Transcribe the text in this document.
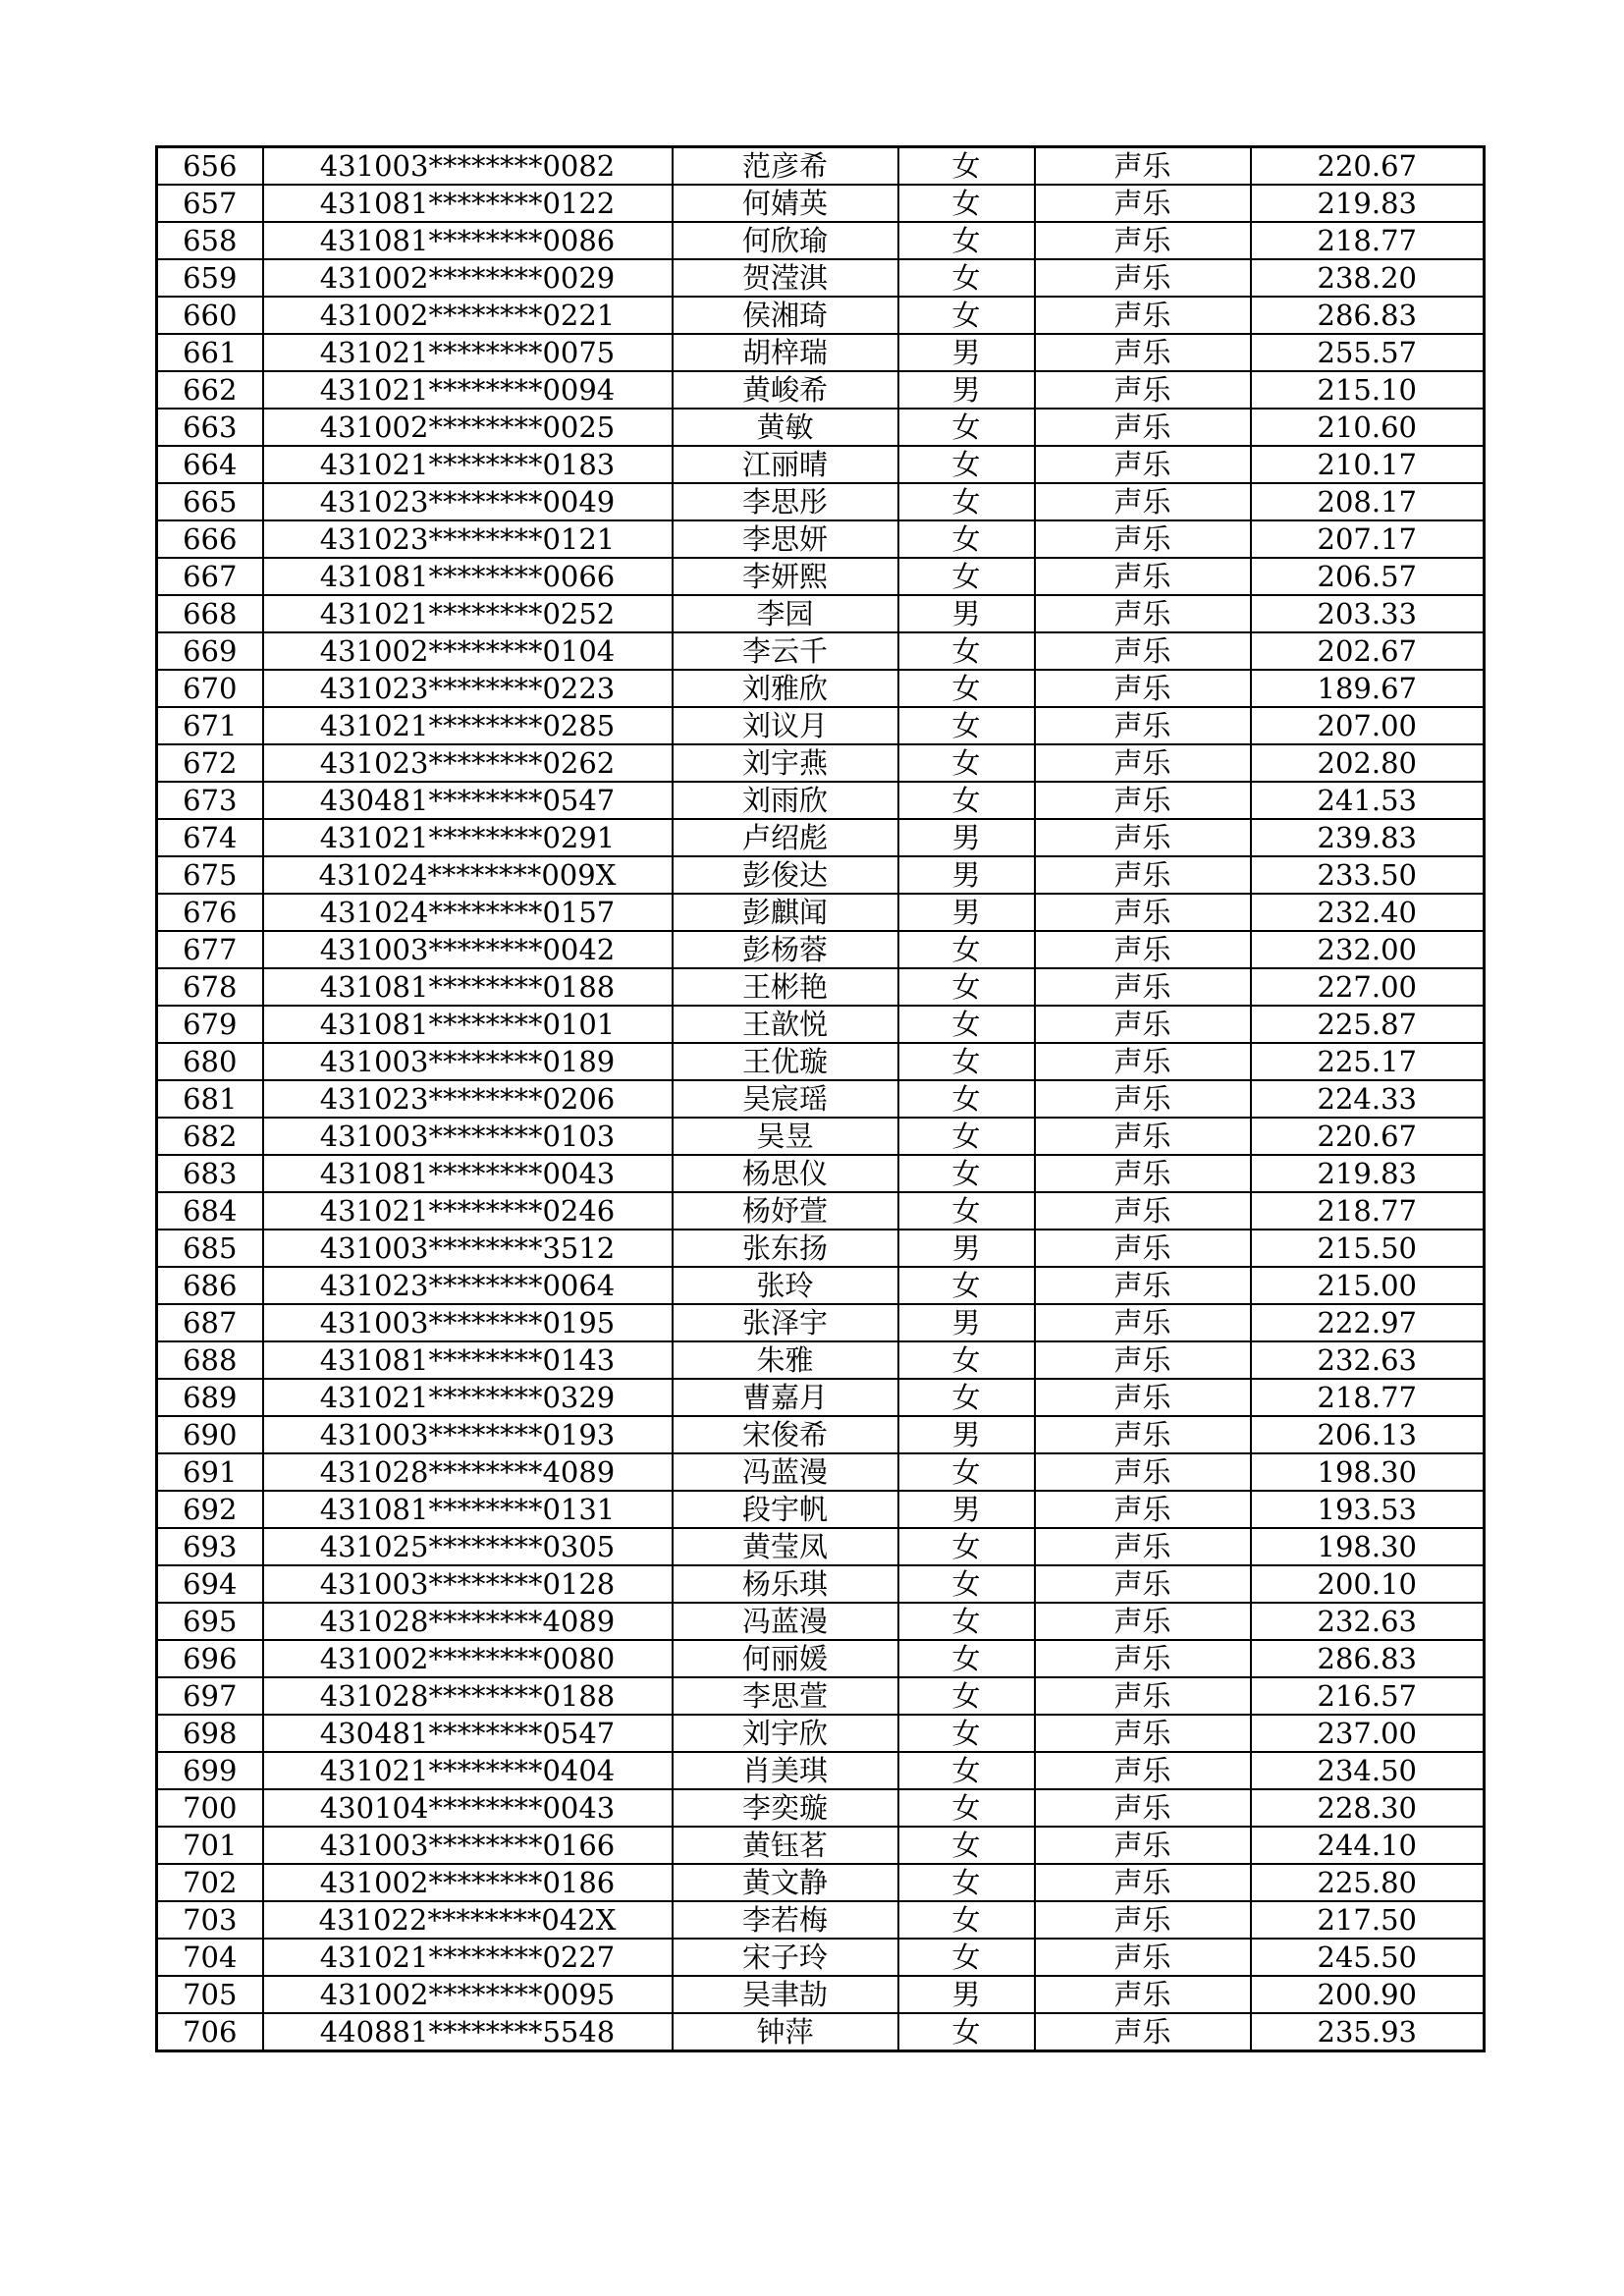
656	431003********0082	范彦希	女	声乐	220.67
657	431081********0122	何婧英	女	声乐	219.83
658	431081********0086	何欣瑜	女	声乐	218.77
659	431002********0029	贺滢淇	女	声乐	238.20
660	431002********0221	侯湘琦	女	声乐	286.83
661	431021********0075	胡梓瑞	男	声乐	255.57
662	431021********0094	黄峻希	男	声乐	215.10
663	431002********0025	黄敏	女	声乐	210.60
664	431021********0183	江丽晴	女	声乐	210.17
665	431023********0049	李思彤	女	声乐	208.17
666	431023********0121	李思妍	女	声乐	207.17
667	431081********0066	李妍熙	女	声乐	206.57
668	431021********0252	李园	男	声乐	203.33
669	431002********0104	李云千	女	声乐	202.67
670	431023********0223	刘雅欣	女	声乐	189.67
671	431021********0285	刘议月	女	声乐	207.00
672	431023********0262	刘宇燕	女	声乐	202.80
673	430481********0547	刘雨欣	女	声乐	241.53
674	431021********0291	卢绍彪	男	声乐	239.83
675	431024********009X	彭俊达	男	声乐	233.50
676	431024********0157	彭麒闻	男	声乐	232.40
677	431003********0042	彭杨蓉	女	声乐	232.00
678	431081********0188	王彬艳	女	声乐	227.00
679	431081********0101	王歆悦	女	声乐	225.87
680	431003********0189	王优璇	女	声乐	225.17
681	431023********0206	吴宸瑶	女	声乐	224.33
682	431003********0103	吴昱	女	声乐	220.67
683	431081********0043	杨思仪	女	声乐	219.83
684	431021********0246	杨妤萱	女	声乐	218.77
685	431003********3512	张东扬	男	声乐	215.50
686	431023********0064	张玲	女	声乐	215.00
687	431003********0195	张泽宇	男	声乐	222.97
688	431081********0143	朱雅	女	声乐	232.63
689	431021********0329	曹嘉月	女	声乐	218.77
690	431003********0193	宋俊希	男	声乐	206.13
691	431028********4089	冯蓝漫	女	声乐	198.30
692	431081********0131	段宇帆	男	声乐	193.53
693	431025********0305	黄莹凤	女	声乐	198.30
694	431003********0128	杨乐琪	女	声乐	200.10
695	431028********4089	冯蓝漫	女	声乐	232.63
696	431002********0080	何丽媛	女	声乐	286.83
697	431028********0188	李思萱	女	声乐	216.57
698	430481********0547	刘宇欣	女	声乐	237.00
699	431021********0404	肖美琪	女	声乐	234.50
700	430104********0043	李奕璇	女	声乐	228.30
701	431003********0166	黄钰茗	女	声乐	244.10
702	431002********0186	黄文静	女	声乐	225.80
703	431022********042X	李若梅	女	声乐	217.50
704	431021********0227	宋子玲	女	声乐	245.50
705	431002********0095	吴聿劼	男	声乐	200.90
706	440881********5548	钟萍	女	声乐	235.93
